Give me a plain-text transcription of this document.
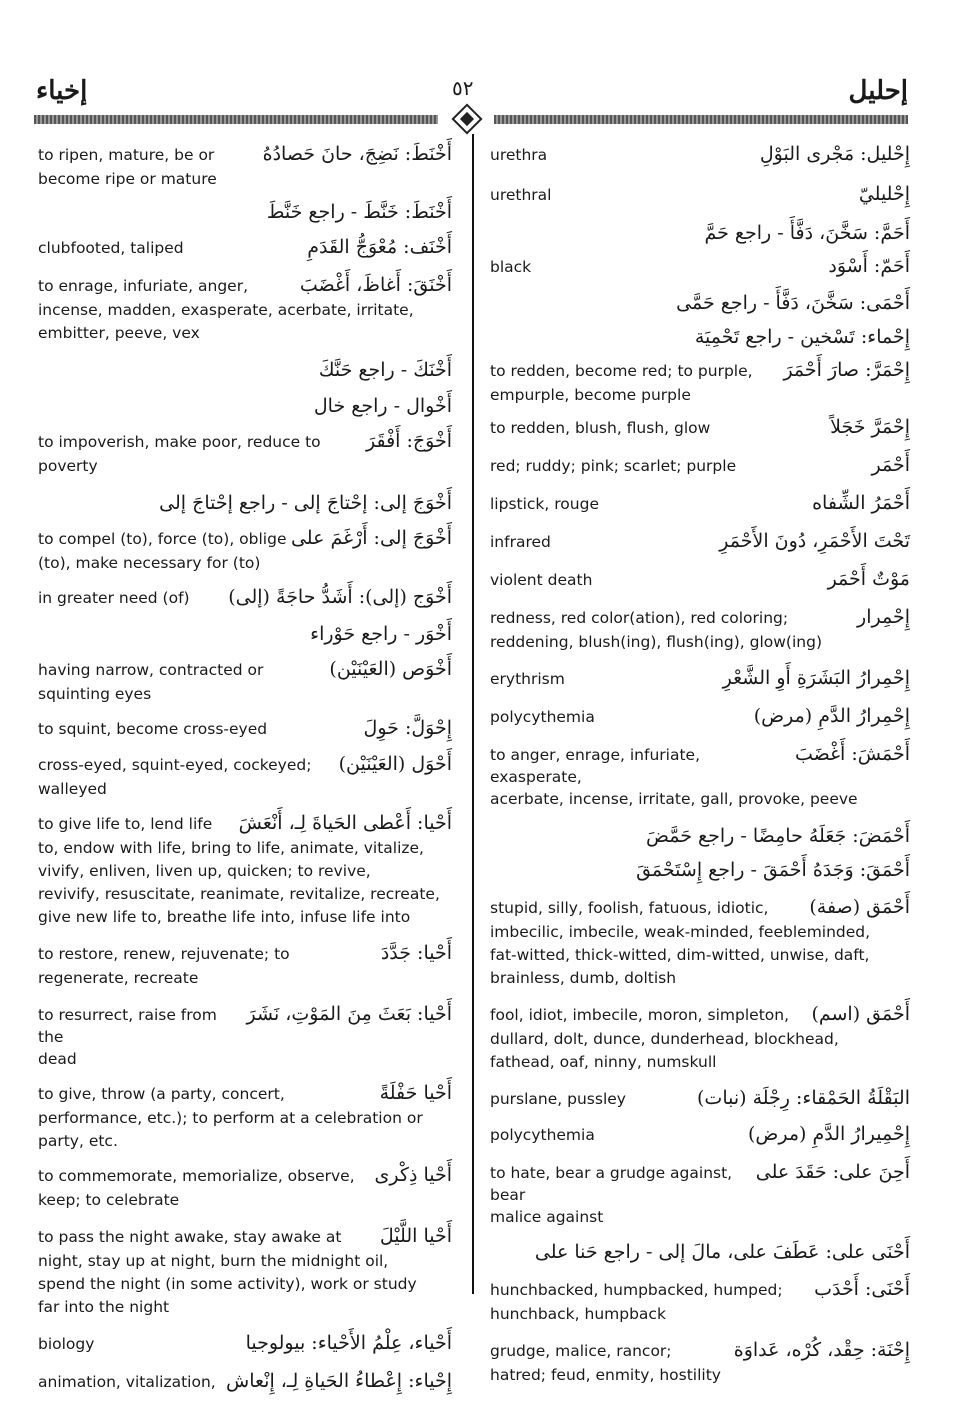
إخياء	٥٢	إحليل
to ripen, mature, be or	أَخْنَطَ: نَضِجَ، حانَ حَصادُهُ
become ripe or mature
أَخْنَطَ: خَنَّطَ - راجع خَنَّطَ
clubfooted, taliped	أَخْنَف: مُعْوَجُّ القَدَمِ
to enrage, infuriate, anger,	أَخْنَقَ: أَغاظَ، أَغْضَبَ
incense, madden, exasperate, acerbate, irritate,
embitter, peeve, vex
أَخْنَكَ - راجع حَنَّكَ
أَخْوال - راجع خال
to impoverish, make poor, reduce to أَخْوَجَ: أَفْقَرَ
poverty
أَخْوَجَ إلى: إحْتاجَ إلى - راجع إحْتاجَ إلى
to compel (to), force (to), oblige أَخْوَجَ إلى: أَرْغَمَ على
(to), make necessary for (to)
in greater need (of) أَخْوَج (إلى): أَشَدُّ حاجَةً (إلى)
أَخْوَر - راجع حَوْراء
having narrow, contracted or	أَخْوَص (العَيْنَيْن)
squinting eyes
to squint, become cross-eyed	إِحْوَلَّ: حَوِلَ
cross-eyed, squint-eyed, cockeyed; أَحْوَل (العَيْنَيْن)
walleyed
to give life to, lend life أَحْيا: أَعْطى الحَياةَ لِـ، أَنْعَشَ
to, endow with life, bring to life, animate, vitalize,
vivify, enliven, liven up, quicken; to revive,
revivify, resuscitate, reanimate, revitalize, recreate,
give new life to, breathe life into, infuse life into
to restore, renew, rejuvenate; to	أَحْيا: جَدَّدَ
regenerate, recreate
to resurrect, raise from the
أَحْيا: بَعَثَ مِنَ المَوْتِ، نَشَرَ
dead
to give, throw (a party, concert,	أَحْيا حَفْلَةً
performance, etc.); to perform at a celebration or
party, etc.
to commemorate, memorialize, observe, أَحْيا ذِكْرى
keep; to celebrate
to pass the night awake, stay awake at أَحْيا اللَّيْلَ
night, stay up at night, burn the midnight oil,
spend the night (in some activity), work or study
far into the night
biology	أَحْياء، عِلْمُ الأَحْياء: بيولوجيا
animation, vitalization, إِحْياء: إِعْطاءُ الحَياةِ لِـ، إِنْعاش
urethra	إِحْليل: مَجْرى البَوْلِ
urethral	إِحْليليّ
أَحَمَّ: سَخَّنَ، دَفَّأَ - راجع حَمَّ
black	أَحَمّ: أَسْوَد
أَحْمَى: سَخَّنَ، دَفَّأَ - راجع حَمَّى
إِحْماء: تَسْخين - راجع تَحْمِيَة
to redden, become red; to purple, إِحْمَرَّ: صارَ أَحْمَرَ
empurple, become purple
to redden, blush, flush, glow	إِحْمَرَّ خَجَلاً
red; ruddy; pink; scarlet; purple	أَحْمَر
lipstick, rouge	أَحْمَرُ الشِّفاه
infrared	تَحْتَ الأَحْمَرِ، دُونَ الأَحْمَرِ
violent death	مَوْتٌ أَحْمَر
redness, red color(ation), red coloring;	إِحْمِرار
reddening, blush(ing), flush(ing), glow(ing)
erythrism	إِحْمِرارُ البَشَرَةِ أَوِ الشَّعْرِ
polycythemia	إِحْمِرارُ الدَّمِ (مرض)
to anger, enrage, infuriate, exasperate,
أَحْمَشَ: أَغْضَبَ
acerbate, incense, irritate, gall, provoke, peeve
أَحْمَضَ: جَعَلَهُ حامِضًا - راجع حَمَّضَ
أَحْمَقَ: وَجَدَهُ أَحْمَقَ - راجع إِسْتَحْمَقَ
stupid, silly, foolish, fatuous, idiotic, أَحْمَق (صفة)
imbecilic, imbecile, weak-minded, feebleminded,
fat-witted, thick-witted, dim-witted, unwise, daft,
brainless, dumb, doltish
fool, idiot, imbecile, moron, simpleton, أَحْمَق (اسم)
dullard, dolt, dunce, dunderhead, blockhead,
fathead, oaf, ninny, numskull
purslane, pussley	البَقْلَةُ الحَمْقاء: رِجْلَة (نبات)
polycythemia	إِحْمِيرارُ الدَّمِ (مرض)
to hate, bear a grudge against, bear
أَحِنَ على: حَقَدَ على
malice against
أَحْنَى على: عَطَفَ على، مالَ إلى - راجع حَنا على
hunchbacked, humpbacked, humped; أَحْنَى: أَحْدَب
hunchback, humpback
grudge, malice, rancor;	إِحْنَة: حِقْد، كُرْه، عَداوَة
hatred; feud, enmity, hostility
